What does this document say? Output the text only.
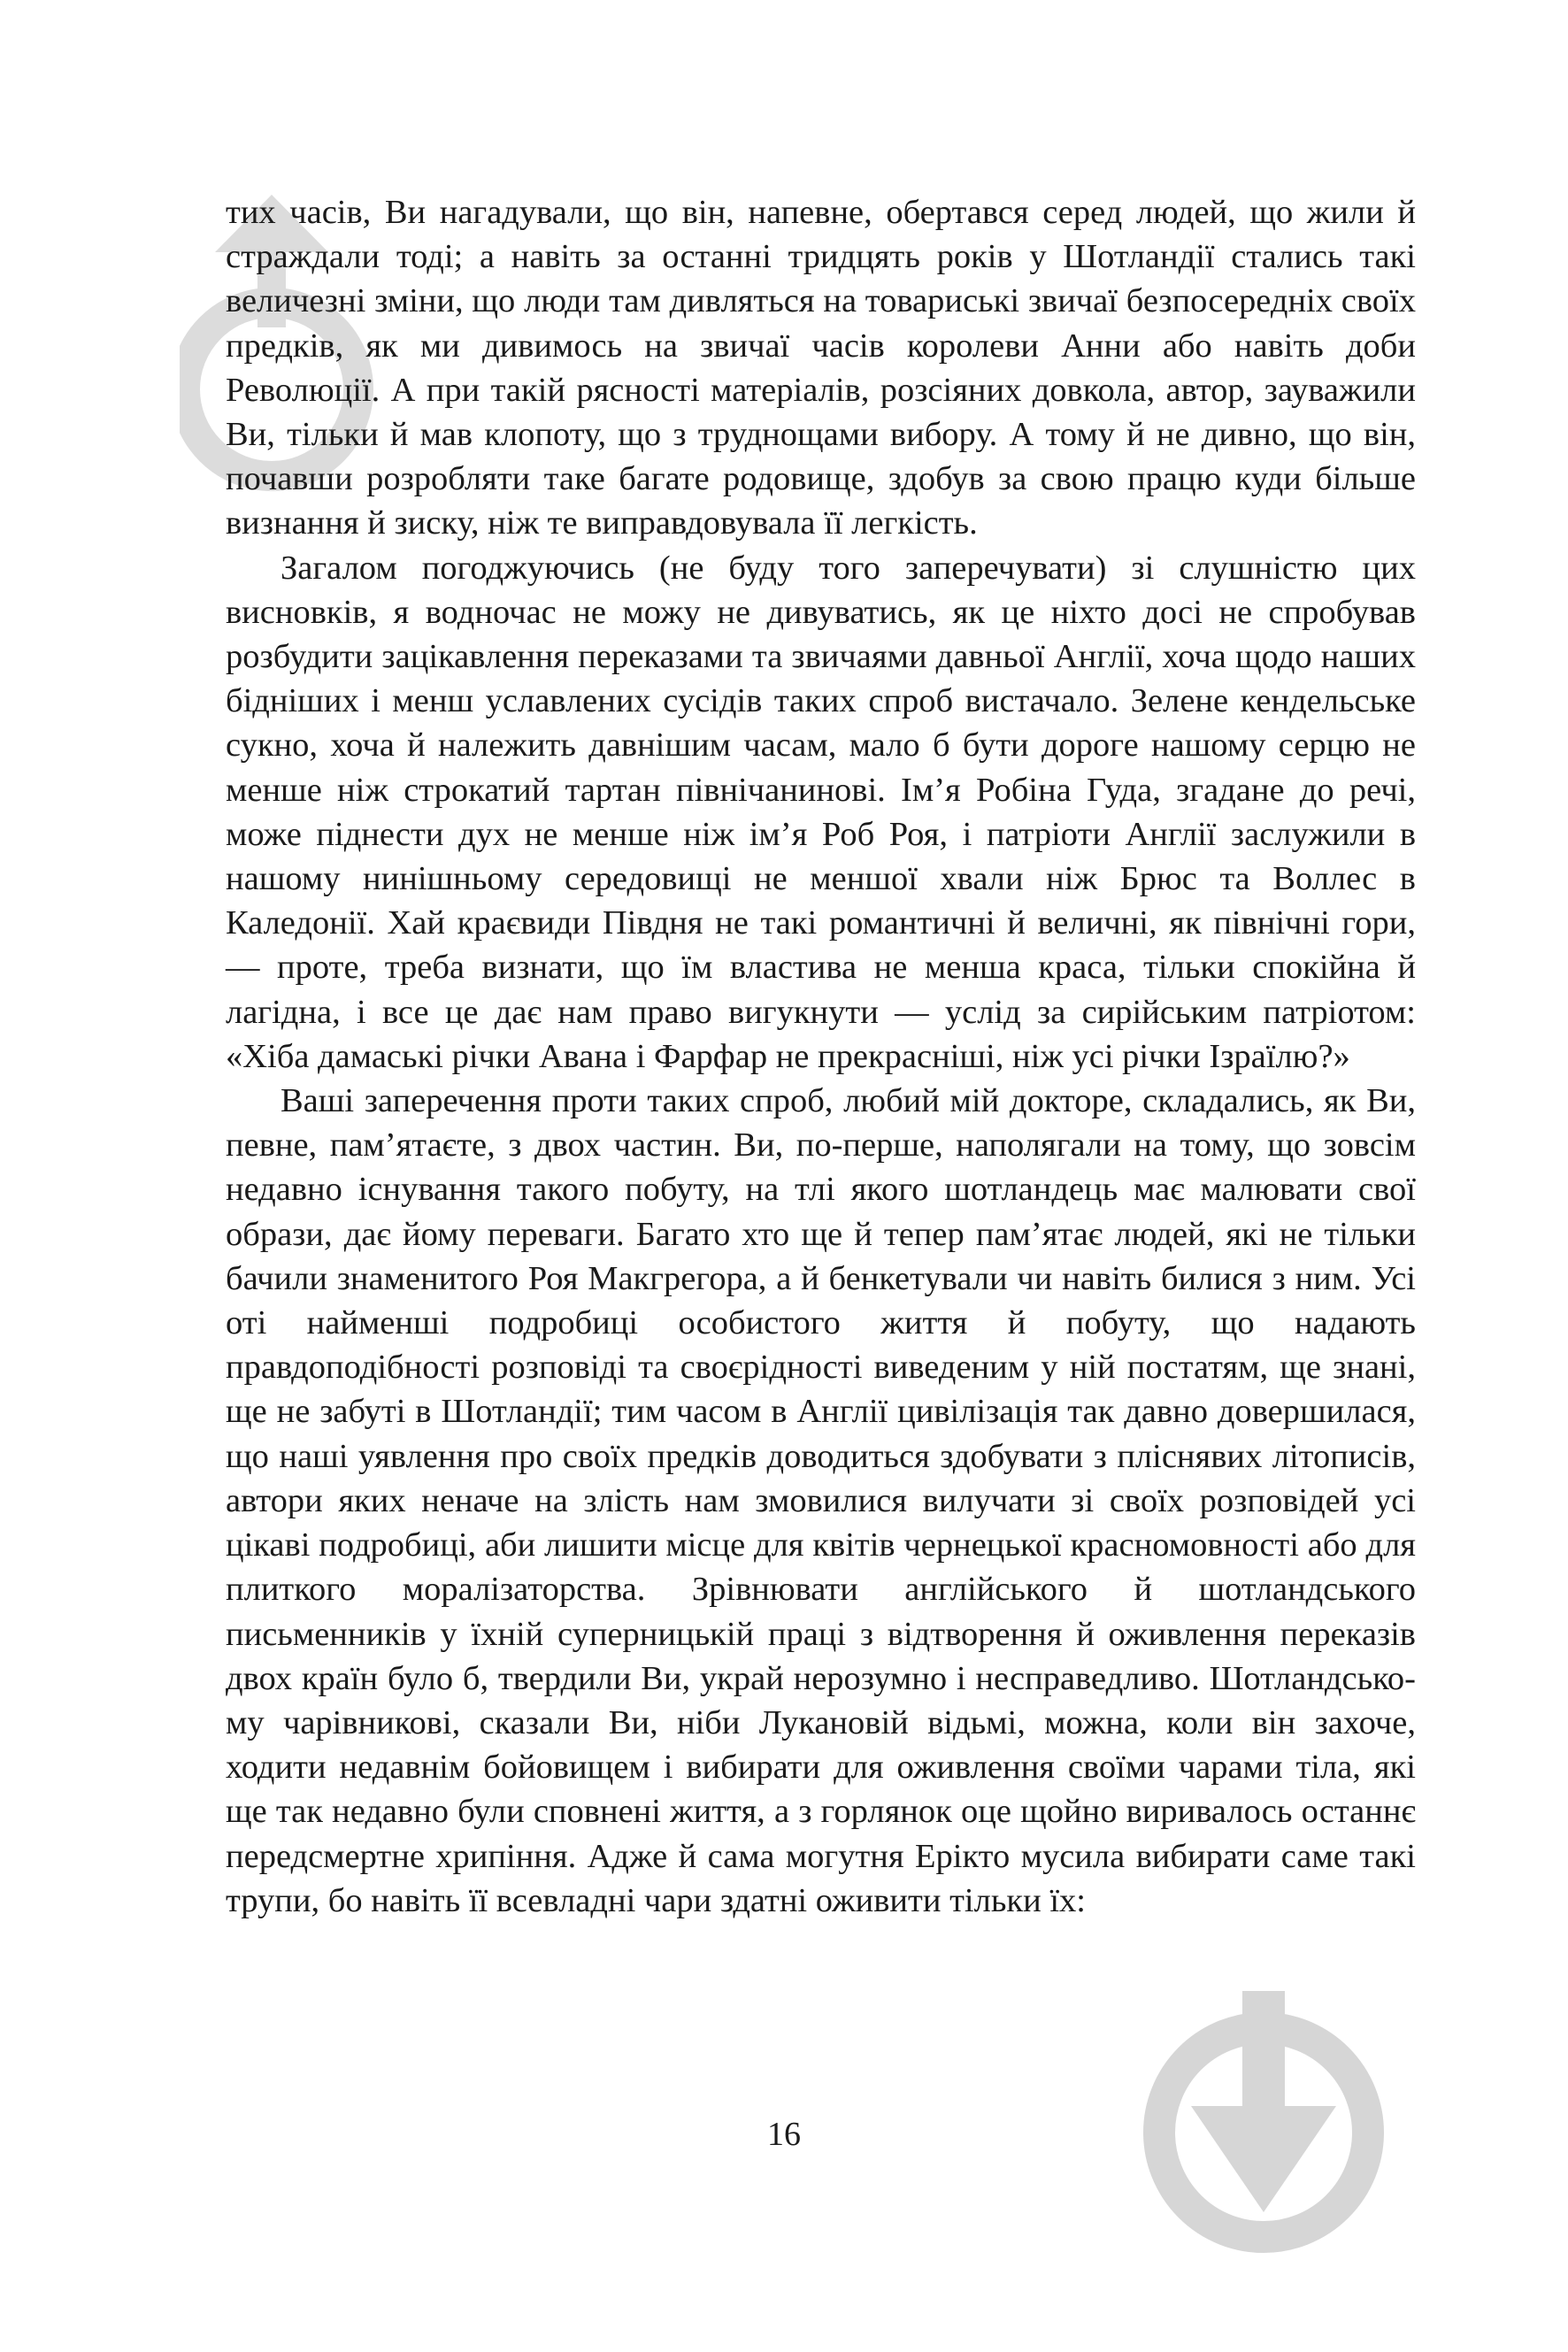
тих часів, Ви нагадували, що він, напевне, обертався серед людей, що жили й страждали тоді; а навіть за останні тридцять років у Шотландії стались такі величезні зміни, що люди там дивляться на товариські звичаї безпосередніх своїх предків, як ми дивимось на звичаї часів королеви Анни або навіть доби Революції. А при такій рясності матеріалів, розсіяних довкола, автор, зауважили Ви, тільки й мав клопоту, що з труднощами вибору. А тому й не дивно, що він, почавши розробляти таке багате родовище, здобув за свою працю куди більше визнання й зиску, ніж те виправдовувала її легкість.

Загалом погоджуючись (не буду того заперечувати) зі слушністю цих висновків, я водночас не можу не дивуватись, як це ніхто досі не спробував розбудити зацікавлення переказами та звичаями давньої Англії, хоча щодо наших бідніших і менш уславлених сусідів таких спроб вистачало. Зелене кендельське сукно, хоча й належить давнішим часам, мало б бути дороге нашому серцю не менше ніж строкатий тартан північанинові. Ім’я Робіна Гуда, згадане до речі, може піднести дух не менше ніж ім’я Роб Роя, і патріоти Англії заслужили в нашому нинішньому середовищі не меншої хвали ніж Брюс та Воллес в Каледонії. Хай краєвиди Півдня не такі романтичні й величні, як північні гори, — проте, треба визнати, що їм властива не менша краса, тільки спокійна й лагідна, і все це дає нам право вигукнути — услід за сирійським патріотом: «Хіба дамаські річки Авана і Фарфар не прекрасніші, ніж усі річки Ізраїлю?»

Ваші заперечення проти таких спроб, любий мій докторе, складались, як Ви, певне, пам’ятаєте, з двох частин. Ви, по-перше, наполягали на тому, що зовсім недавно існування такого побуту, на тлі якого шотландець має малювати свої образи, дає йому переваги. Багато хто ще й тепер пам’ятає людей, які не тільки бачили знаменитого Роя Макгрегора, а й бенкетували чи навіть билися з ним. Усі оті найменші подробиці особистого життя й побуту, що надають правдоподібності розповіді та своєрідності виведеним у ній постатям, ще знані, ще не забуті в Шотландії; тим часом в Англії цивілізація так давно довершилася, що наші уявлення про своїх предків доводиться здобувати з пліснявих літописів, автори яких неначе на злість нам змовилися вилучати зі своїх розповідей усі цікаві подробиці, аби лишити місце для квітів чернецької красномовності або для плиткого моралізаторства. Зрівнювати англійського й шотландського письменників у їхній суперницькій праці з відтворення й оживлення переказів двох країн було б, твердили Ви, украй нерозумно і несправедливо. Шотландському чарівникові, сказали Ви, ніби Лукановій відьмі, можна, коли він захоче, ходити недавнім бойовищем і вибирати для оживлення своїми чарами тіла, які ще так недавно були сповнені життя, а з горлянок оце щойно виривалось останнє передсмертне хрипіння. Адже й сама могутня Ерікто мусила вибирати саме такі трупи, бо навіть її всевладні чари здатні оживити тільки їх:

16
